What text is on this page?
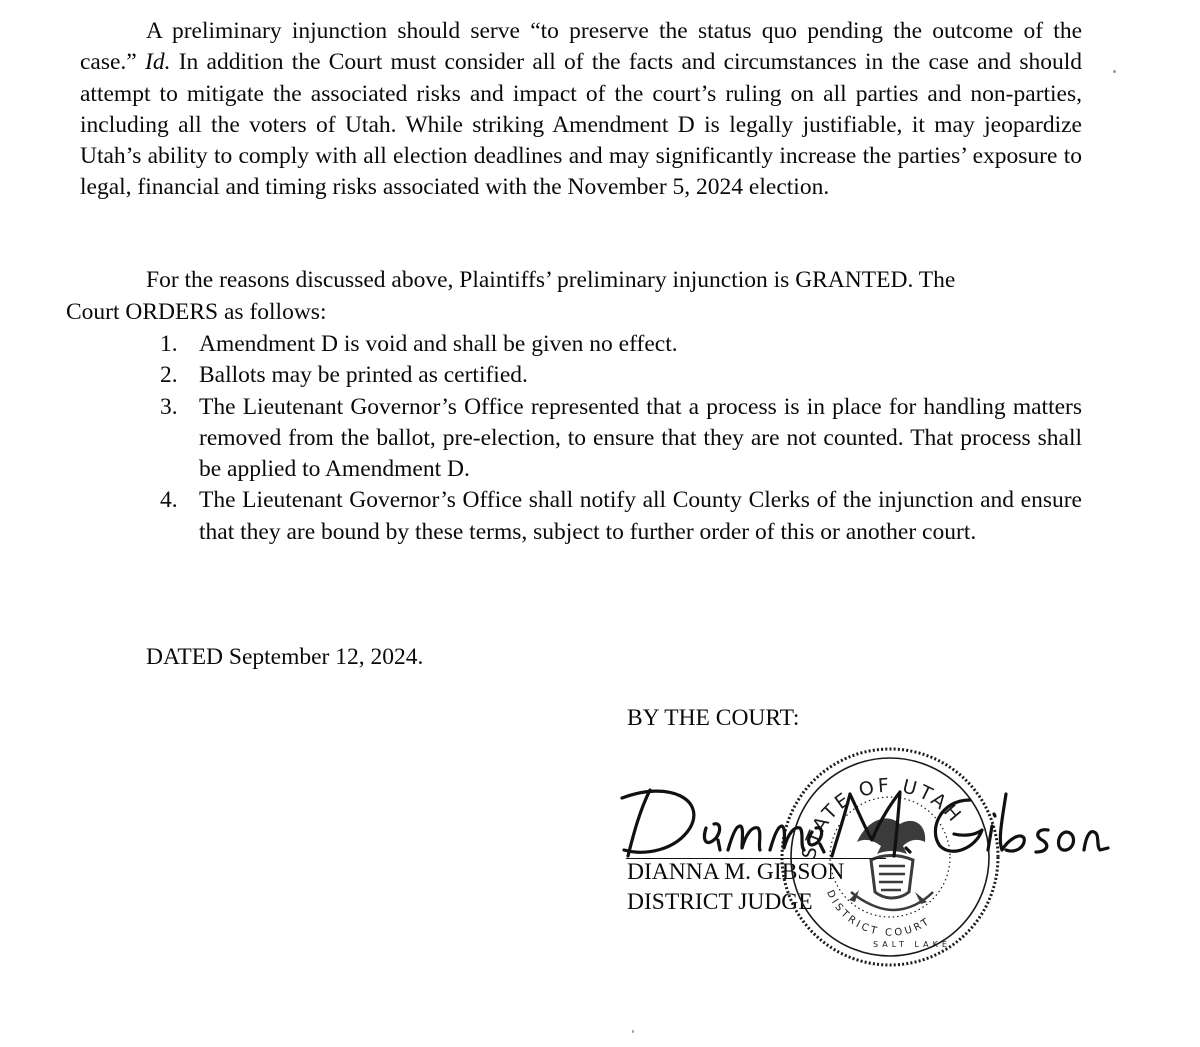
A preliminary injunction should serve “to preserve the status quo pending the outcome of the case.” Id. In addition the Court must consider all of the facts and circumstances in the case and should attempt to mitigate the associated risks and impact of the court’s ruling on all parties and non-parties, including all the voters of Utah. While striking Amendment D is legally justifiable, it may jeopardize Utah’s ability to comply with all election deadlines and may significantly increase the parties’ exposure to legal, financial and timing risks associated with the November 5, 2024 election.

For the reasons discussed above, Plaintiffs’ preliminary injunction is GRANTED. The

Court ORDERS as follows:

1. Amendment D is void and shall be given no effect.
2. Ballots may be printed as certified.
3. The Lieutenant Governor’s Office represented that a process is in place for handling matters removed from the ballot, pre-election, to ensure that they are not counted. That process shall be applied to Amendment D.
4. The Lieutenant Governor’s Office shall notify all County Clerks of the injunction and ensure that they are bound by these terms, subject to further order of this or another court.

DATED September 12, 2024.

BY THE COURT:

DIANNA M. GIBSON

DISTRICT JUDGE

STATE OF UTAH
DISTRICT COURT
SALT LAKE
